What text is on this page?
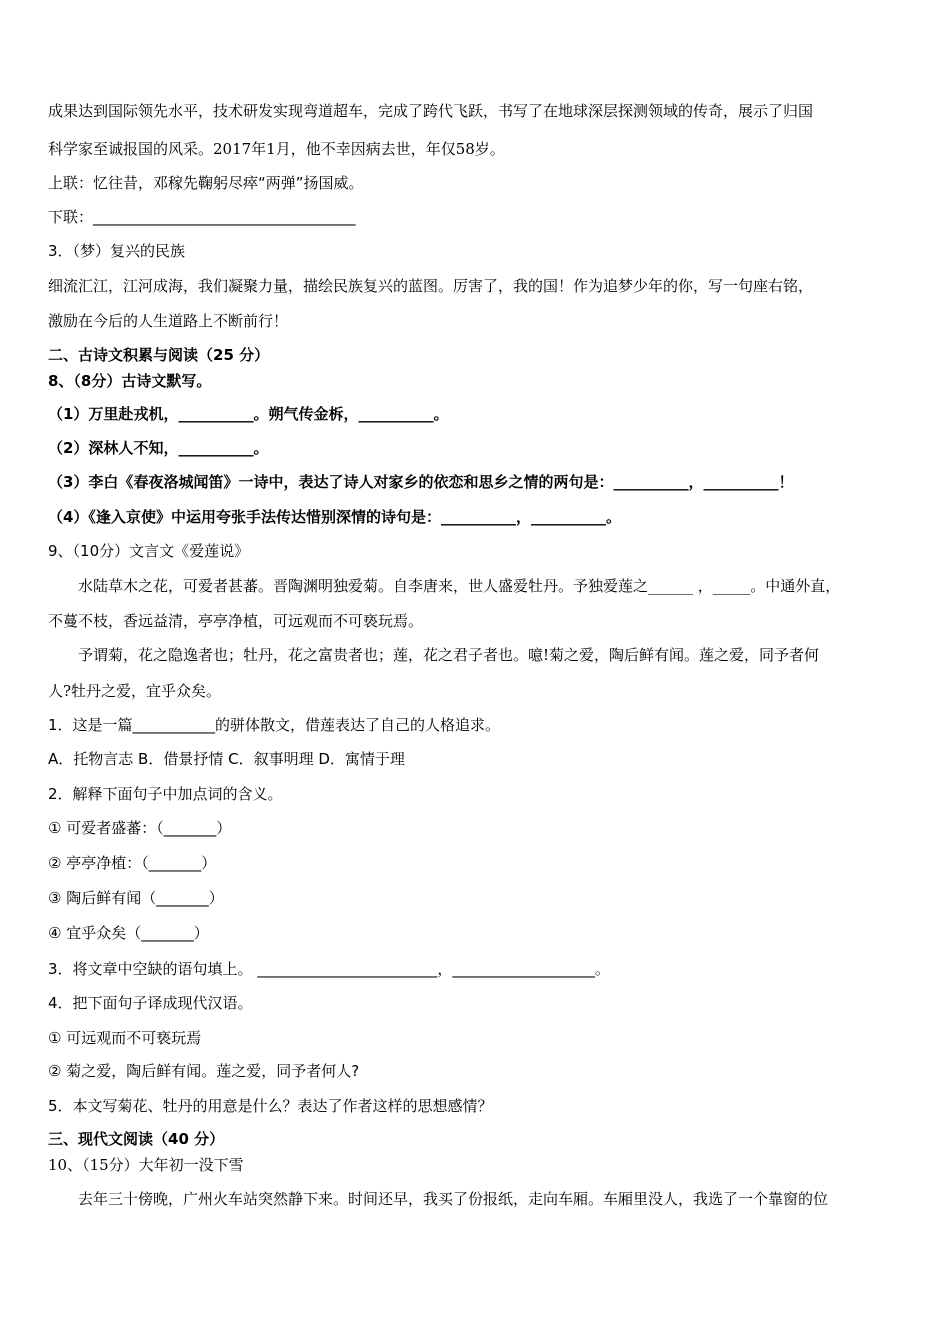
成果达到国际领先水平，技术研发实现弯道超车，完成了跨代飞跃，书写了在地球深层探测领域的传奇，展示了归国
科学家至诚报国的风采。2017年1月，他不幸因病去世，年仅58岁。
上联：忆往昔，邓稼先鞠躬尽瘁“两弹”扬国威。
下联：___________________________________
3．（梦）复兴的民族
细流汇江，江河成海，我们凝聚力量，描绘民族复兴的蓝图。厉害了，我的国！作为追梦少年的你，写一句座右铭，
激励在今后的人生道路上不断前行！
二、古诗文积累与阅读（25 分）
8、（8分）古诗文默写。
（1）万里赴戎机，__________。朔气传金柝，__________。
（2）深林人不知，__________。
（3）李白《春夜洛城闻笛》一诗中，表达了诗人对家乡的依恋和思乡之情的两句是：__________，__________！
（4）《逢入京使》中运用夸张手法传达惜别深情的诗句是：__________，__________。
9、（10分）文言文《爱莲说》
水陆草木之花，可爱者甚蕃。晋陶渊明独爱菊。自李唐来，世人盛爱牡丹。予独爱莲之______ ，_____。中通外直，
不蔓不枝，香远益清，亭亭净植，可远观而不可亵玩焉。
予谓菊，花之隐逸者也；牡丹，花之富贵者也；莲，花之君子者也。噫!菊之爱，陶后鲜有闻。莲之爱，同予者何
人?牡丹之爱，宜乎众矣。
1．这是一篇___________的骈体散文，借莲表达了自己的人格追求。
A．托物言志 B．借景抒情 C．叙事明理 D．寓情于理
2．解释下面句子中加点词的含义。
① 可爱者盛蕃：（_______）
② 亭亭净植：（_______）
③ 陶后鲜有闻（_______）
④ 宜乎众矣（_______）
3．将文章中空缺的语句填上。 ________________________，___________________。
4．把下面句子译成现代汉语。
① 可远观而不可亵玩焉
② 菊之爱，陶后鲜有闻。莲之爱，同予者何人?
5．本文写菊花、牡丹的用意是什么？表达了作者这样的思想感情？
三、现代文阅读（40 分）
10、（15分）大年初一没下雪
去年三十傍晚，广州火车站突然静下来。时间还早，我买了份报纸，走向车厢。车厢里没人，我选了一个靠窗的位
